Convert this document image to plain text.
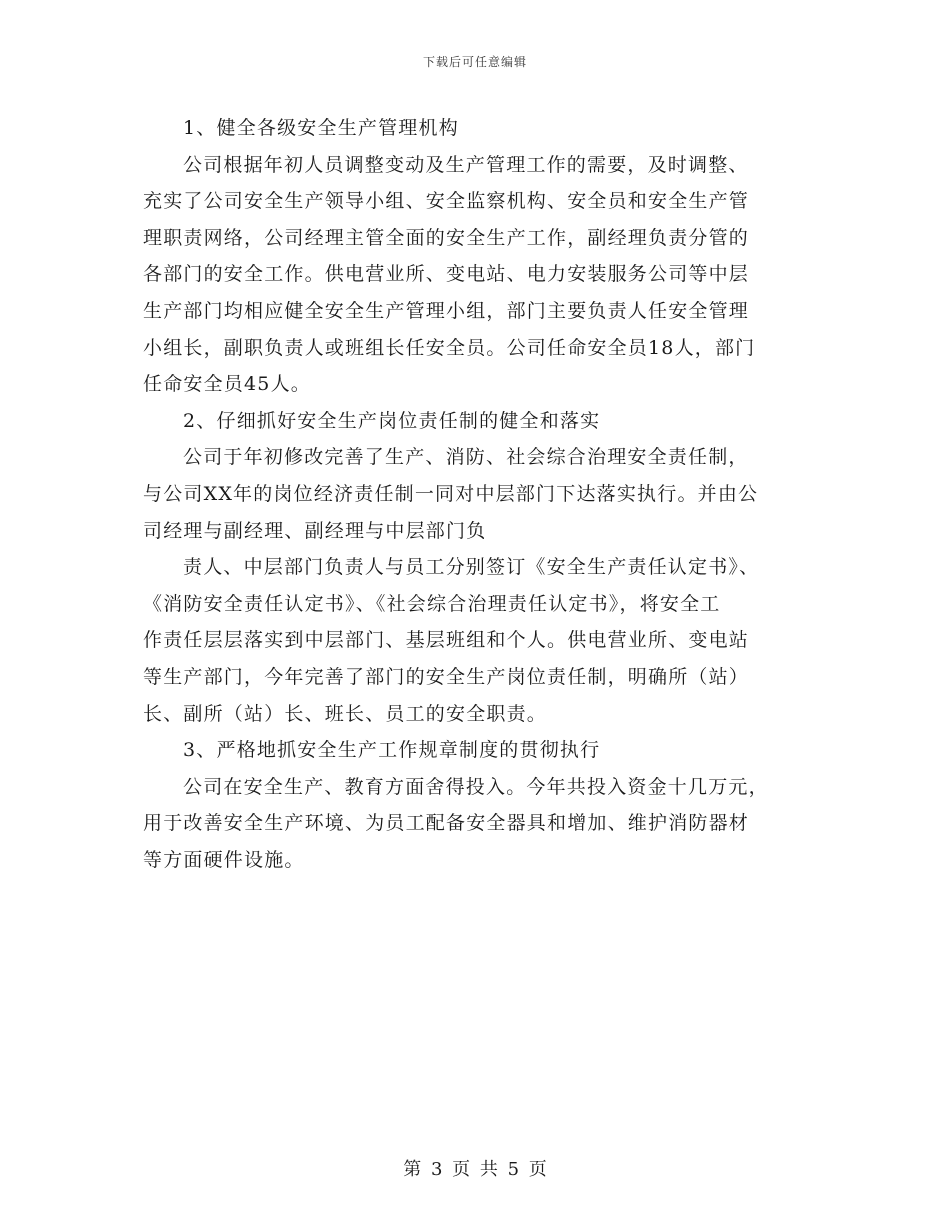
下载后可任意编辑
1、健全各级安全生产管理机构
公司根据年初人员调整变动及生产管理工作的需要，及时调整、
充实了公司安全生产领导小组、安全监察机构、安全员和安全生产管
理职责网络，公司经理主管全面的安全生产工作，副经理负责分管的
各部门的安全工作。供电营业所、变电站、电力安装服务公司等中层
生产部门均相应健全安全生产管理小组，部门主要负责人任安全管理
小组长，副职负责人或班组长任安全员。公司任命安全员18人，部门
任命安全员45人。
2、仔细抓好安全生产岗位责任制的健全和落实
公司于年初修改完善了生产、消防、社会综合治理安全责任制，
与公司XX年的岗位经济责任制一同对中层部门下达落实执行。并由公
司经理与副经理、副经理与中层部门负
责人、中层部门负责人与员工分别签订《安全生产责任认定书》、
《消防安全责任认定书》、《社会综合治理责任认定书》，将安全工
作责任层层落实到中层部门、基层班组和个人。供电营业所、变电站
等生产部门，今年完善了部门的安全生产岗位责任制，明确所（站）
长、副所（站）长、班长、员工的安全职责。
3、严格地抓安全生产工作规章制度的贯彻执行
公司在安全生产、教育方面舍得投入。今年共投入资金十几万元，
用于改善安全生产环境、为员工配备安全器具和增加、维护消防器材
等方面硬件设施。
第 3 页 共 5 页
